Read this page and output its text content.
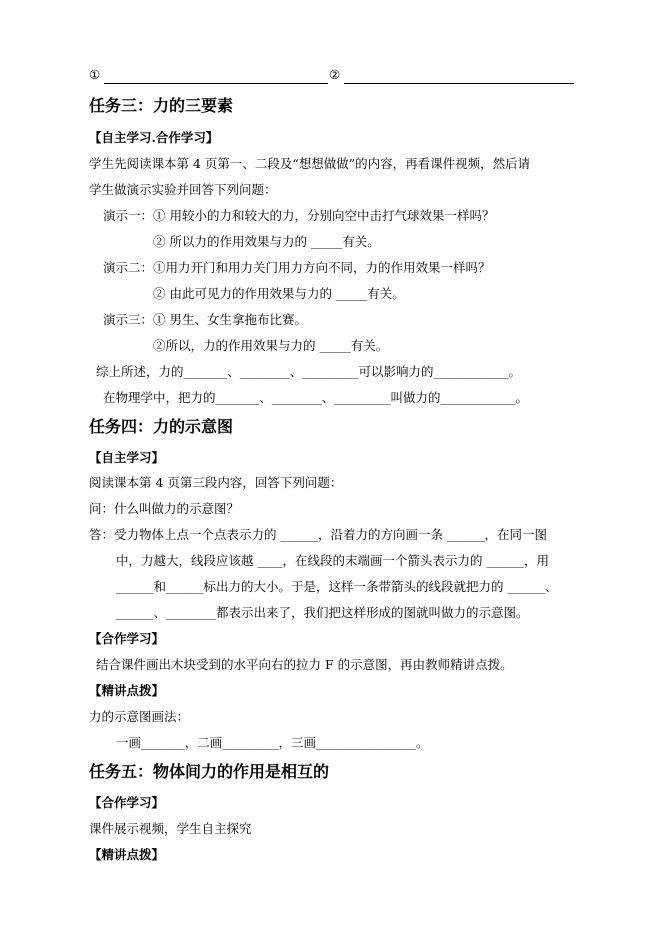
①	②
任务三：力的三要素
【自主学习.合作学习】
学生先阅读课本第 4 页第一、二段及“想想做做”的内容，再看课件视频，然后请
学生做演示实验并回答下列问题：
演示一：① 用较小的力和较大的力，分别向空中击打气球效果一样吗？
② 所以力的作用效果与力的 _____有关。
演示二：①用力开门和用力关门用力方向不同，力的作用效果一样吗？
② 由此可见力的作用效果与力的 _____有关。
演示三：① 男生、女生拿拖布比赛。
②所以，力的作用效果与力的 _____有关。
综上所述，力的_______、________、_________可以影响力的____________。
在物理学中，把力的_______、________、_________叫做力的____________。
任务四：力的示意图
【自主学习】
阅读课本第 4 页第三段内容，回答下列问题：
问：什么叫做力的示意图？
答：受力物体上点一个点表示力的 ______，沿着力的方向画一条 ______，在同一图
中，力越大，线段应该越 ____，在线段的末端画一个箭头表示力的 ______，用
______和______标出力的大小。于是，这样一条带箭头的线段就把力的 ______、
______、________都表示出来了，我们把这样形成的图就叫做力的示意图。
【合作学习】
结合课件画出木块受到的水平向右的拉力 F 的示意图，再由教师精讲点拨。
【精讲点拨】
力的示意图画法：
一画_______，二画_________，三画________________。
任务五：物体间力的作用是相互的
【合作学习】
课件展示视频，学生自主探究
【精讲点拨】
